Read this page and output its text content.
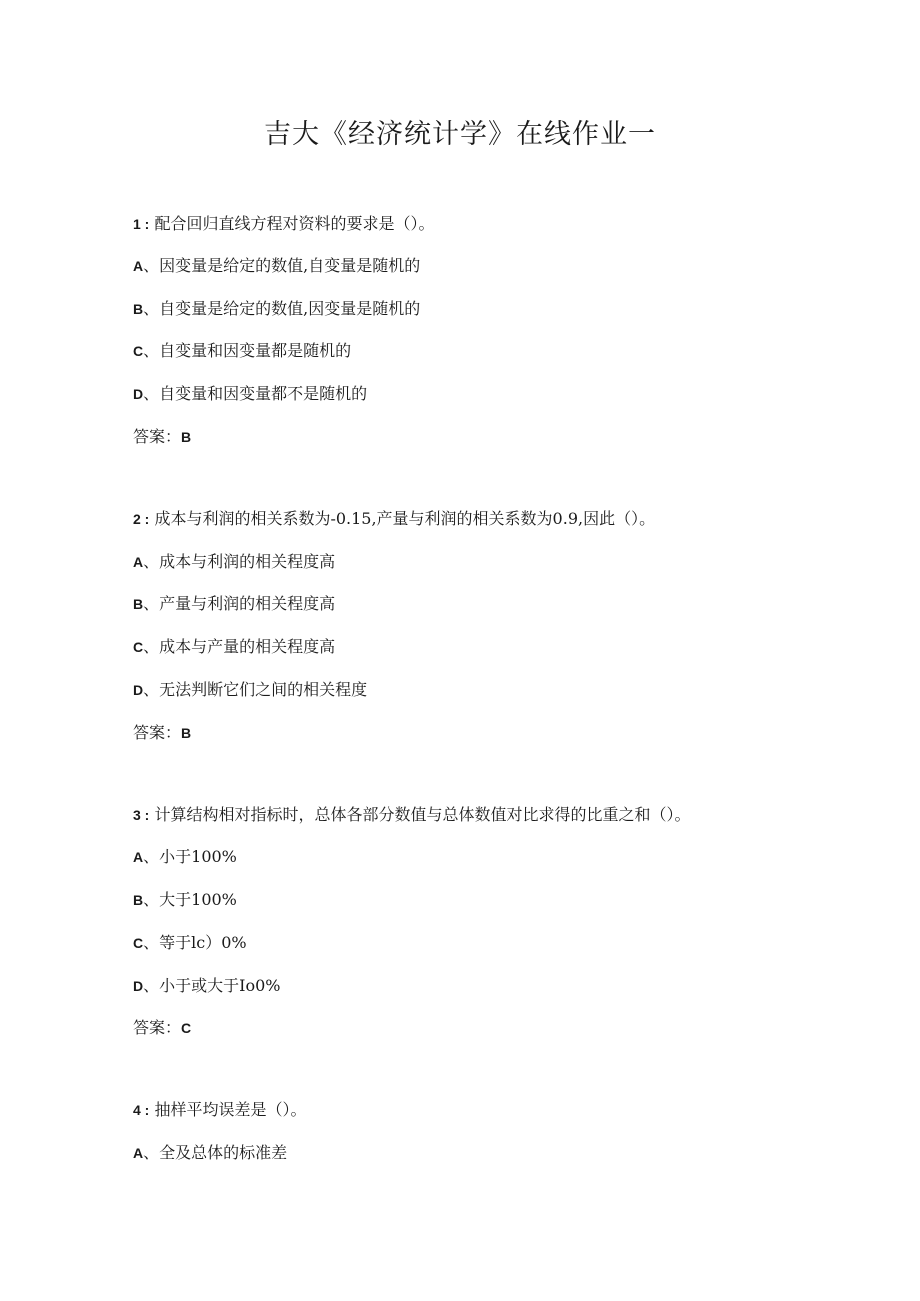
吉大《经济统计学》在线作业一
1 : 配合回归直线方程对资料的要求是（）。
A、因变量是给定的数值,自变量是随机的
B、自变量是给定的数值,因变量是随机的
C、自变量和因变量都是随机的
D、自变量和因变量都不是随机的
答案：B
2 : 成本与利润的相关系数为-0.15,产量与利润的相关系数为0.9,因此（）。
A、成本与利润的相关程度高
B、产量与利润的相关程度高
C、成本与产量的相关程度高
D、无法判断它们之间的相关程度
答案：B
3 : 计算结构相对指标时，总体各部分数值与总体数值对比求得的比重之和（）。
A、小于100%
B、大于100%
C、等于lc）0%
D、小于或大于Io0%
答案：C
4 : 抽样平均误差是（）。
A、全及总体的标准差
